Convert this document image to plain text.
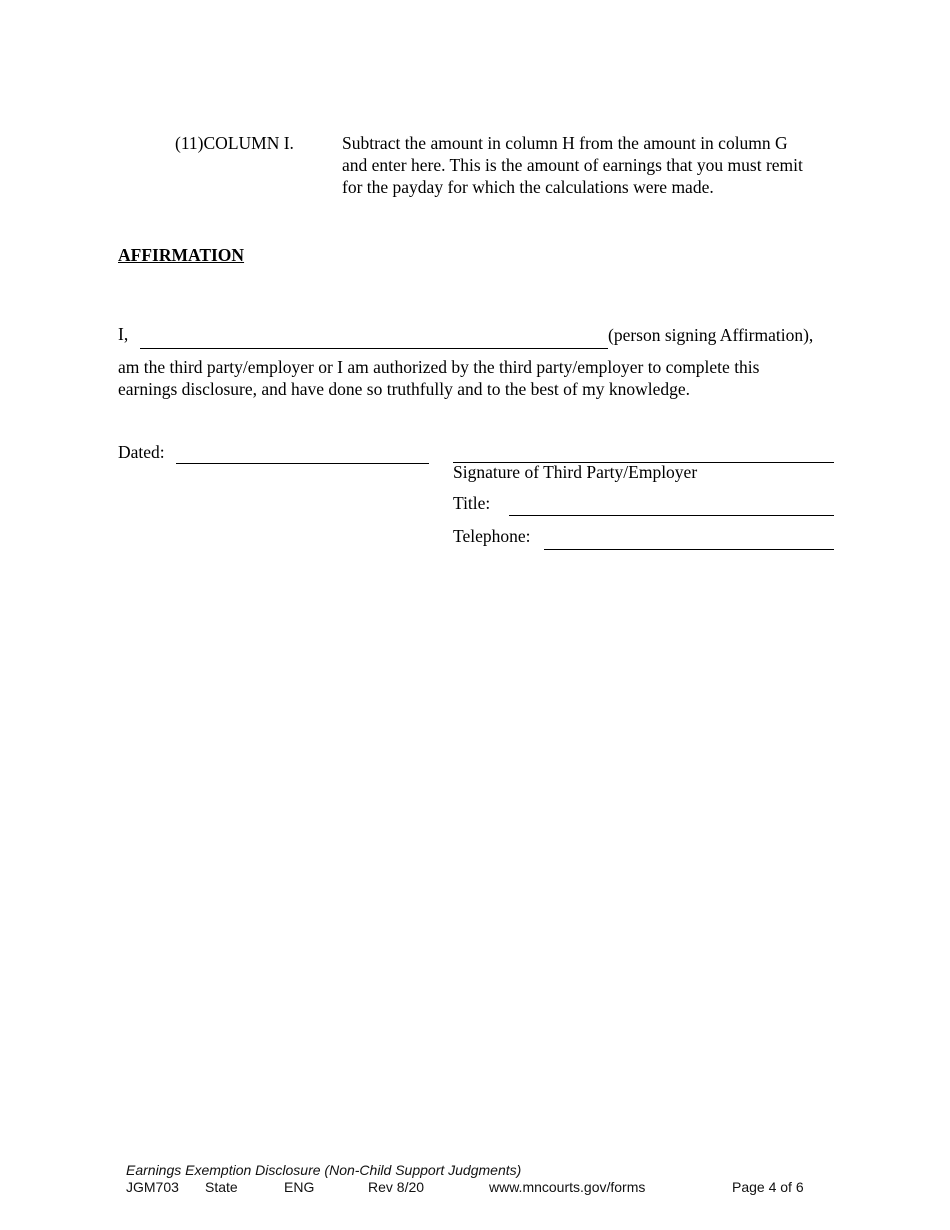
(11)COLUMN I.	Subtract the amount in column H from the amount in column G
and enter here. This is the amount of earnings that you must remit
for the payday for which the calculations were made.
AFFIRMATION
I,	(person signing Affirmation),
am the third party/employer or I am authorized by the third party/employer to complete this
earnings disclosure, and have done so truthfully and to the best of my knowledge.
Dated:
Signature of Third Party/Employer
Title:
Telephone:
Earnings Exemption Disclosure (Non-Child Support Judgments)
JGM703 State	ENG	Rev 8/20	www.mncourts.gov/forms	Page 4 of 6
